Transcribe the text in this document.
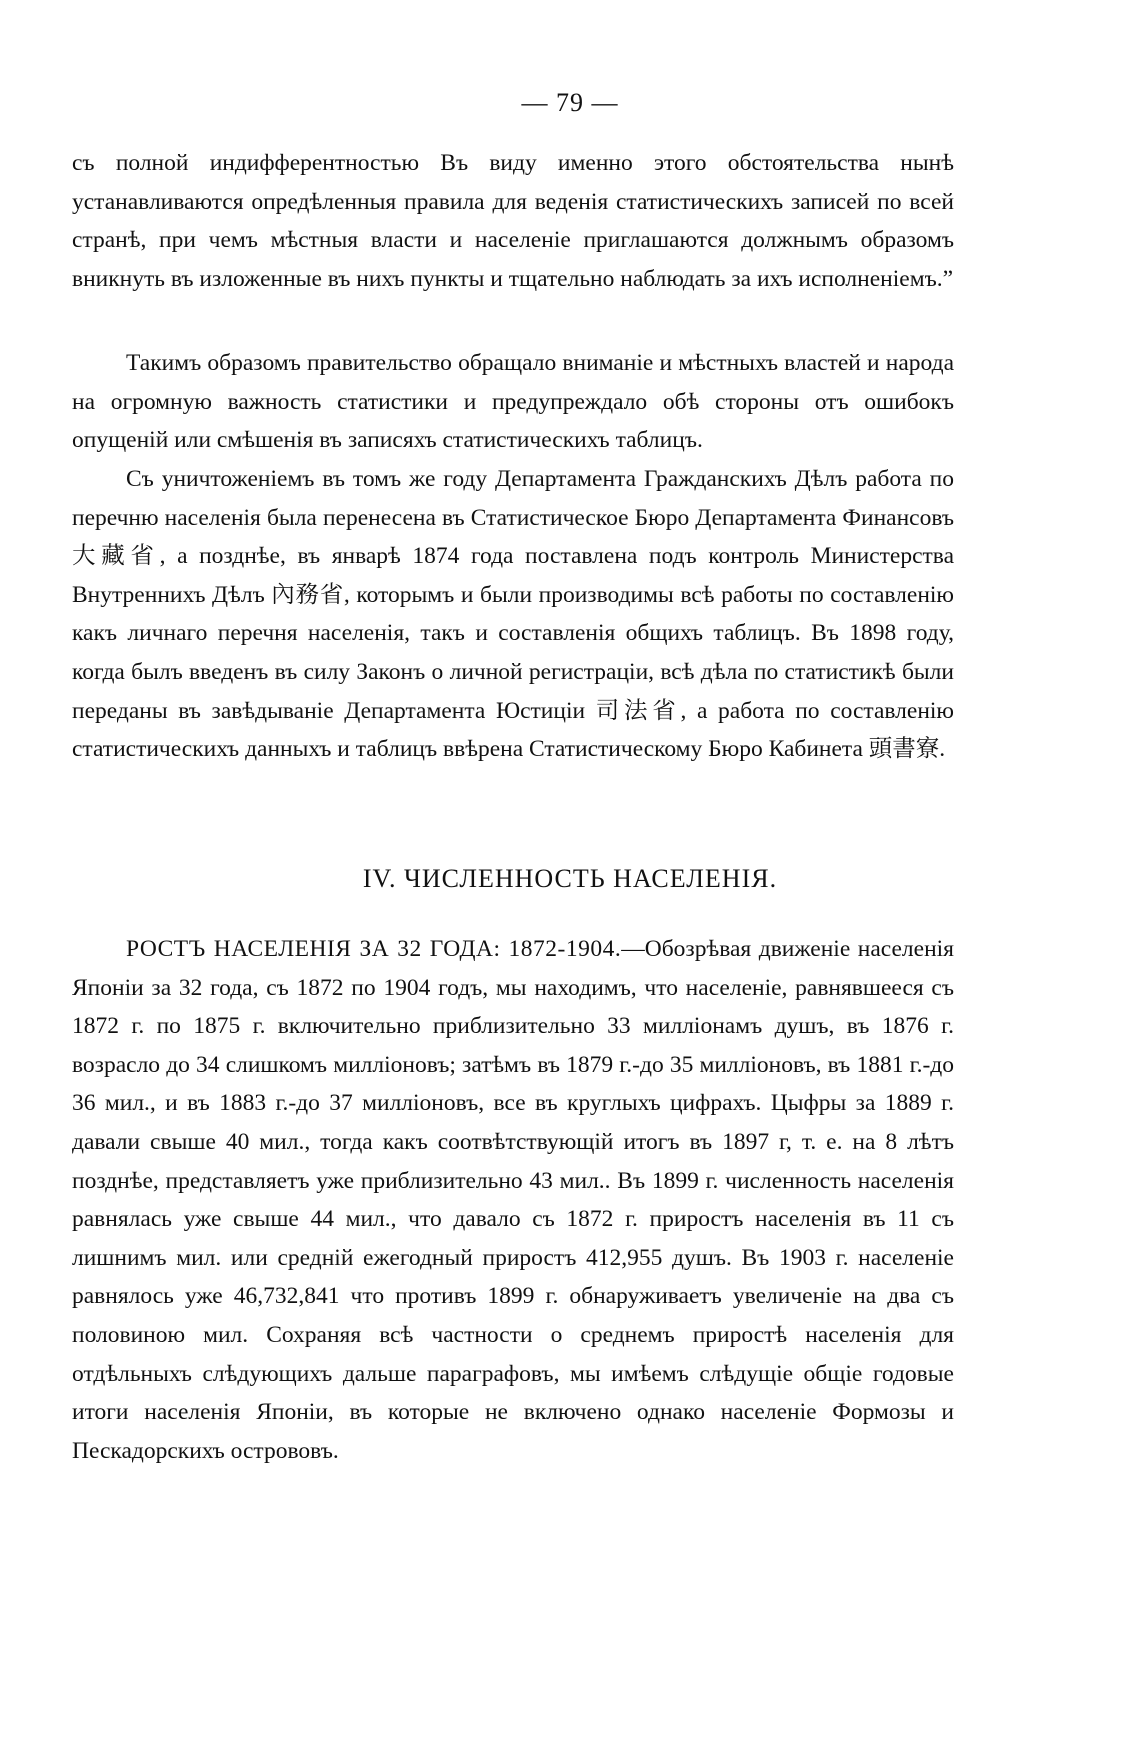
— 79 —

съ полной индифферентностью Въ виду именно этого обстоятельства нынѣ устанавливаются опредѣленныя правила для веденія статистическихъ записей по всей странѣ, при чемъ мѣстныя власти и населеніе приглашаются должнымъ образомъ вникнуть въ изложенные въ нихъ пункты и тщательно наблюдать за ихъ исполненіемъ.”

Такимъ образомъ правительство обращало вниманіе и мѣстныхъ властей и народа на огромную важность статистики и предупреждало обѣ стороны отъ ошибокъ опущеній или смѣшенія въ записяхъ статистическихъ таблицъ.

Съ уничтоженіемъ въ томъ же году Департамента Гражданскихъ Дѣлъ работа по перечню населенія была перенесена въ Статистическое Бюро Департамента Финансовъ 大藏省, а позднѣе, въ январѣ 1874 года поставлена подъ контроль Министерства Внутреннихъ Дѣлъ 內務省, которымъ и были производимы всѣ работы по составленію какъ личнаго перечня населенія, такъ и составленія общихъ таблицъ. Въ 1898 году, когда былъ введенъ въ силу Законъ о личной регистраціи, всѣ дѣла по статистикѣ были переданы въ завѣдываніе Департамента Юстиціи 司法省, а работа по составленію статистическихъ данныхъ и таблицъ ввѣрена Статистическому Бюро Кабинета 頭書寮.

IV. ЧИСЛЕННОСТЬ НАСЕЛЕНІЯ.

РОСТЪ НАСЕЛЕНІЯ ЗА 32 ГОДА: 1872-1904.—Обозрѣвая движеніе населенія Японіи за 32 года, съ 1872 по 1904 годъ, мы находимъ, что населеніе, равнявшееся съ 1872 г. по 1875 г. включительно приблизительно 33 милліонамъ душъ, въ 1876 г. возрасло до 34 слишкомъ милліоновъ; затѣмъ въ 1879 г.-до 35 милліоновъ, въ 1881 г.-до 36 мил., и въ 1883 г.-до 37 милліоновъ, все въ круглыхъ цифрахъ. Цыфры за 1889 г. давали свыше 40 мил., тогда какъ соотвѣтствующій итогъ въ 1897 г, т. е. на 8 лѣтъ позднѣе, представляетъ уже приблизительно 43 мил.. Въ 1899 г. численность населенія равнялась уже свыше 44 мил., что давало съ 1872 г. приростъ населенія въ 11 съ лишнимъ мил. или средній ежегодный приростъ 412,955 душъ. Въ 1903 г. населеніе равнялось уже 46,732,841 что противъ 1899 г. обнаруживаетъ увеличеніе на два съ половиною мил. Сохраняя всѣ частности о среднемъ приростѣ населенія для отдѣльныхъ слѣдующихъ дальше параграфовъ, мы имѣемъ слѣдущіе общіе годовые итоги населенія Японіи, въ которые не включено однако населеніе Формозы и Пескадорскихъ острововъ.
